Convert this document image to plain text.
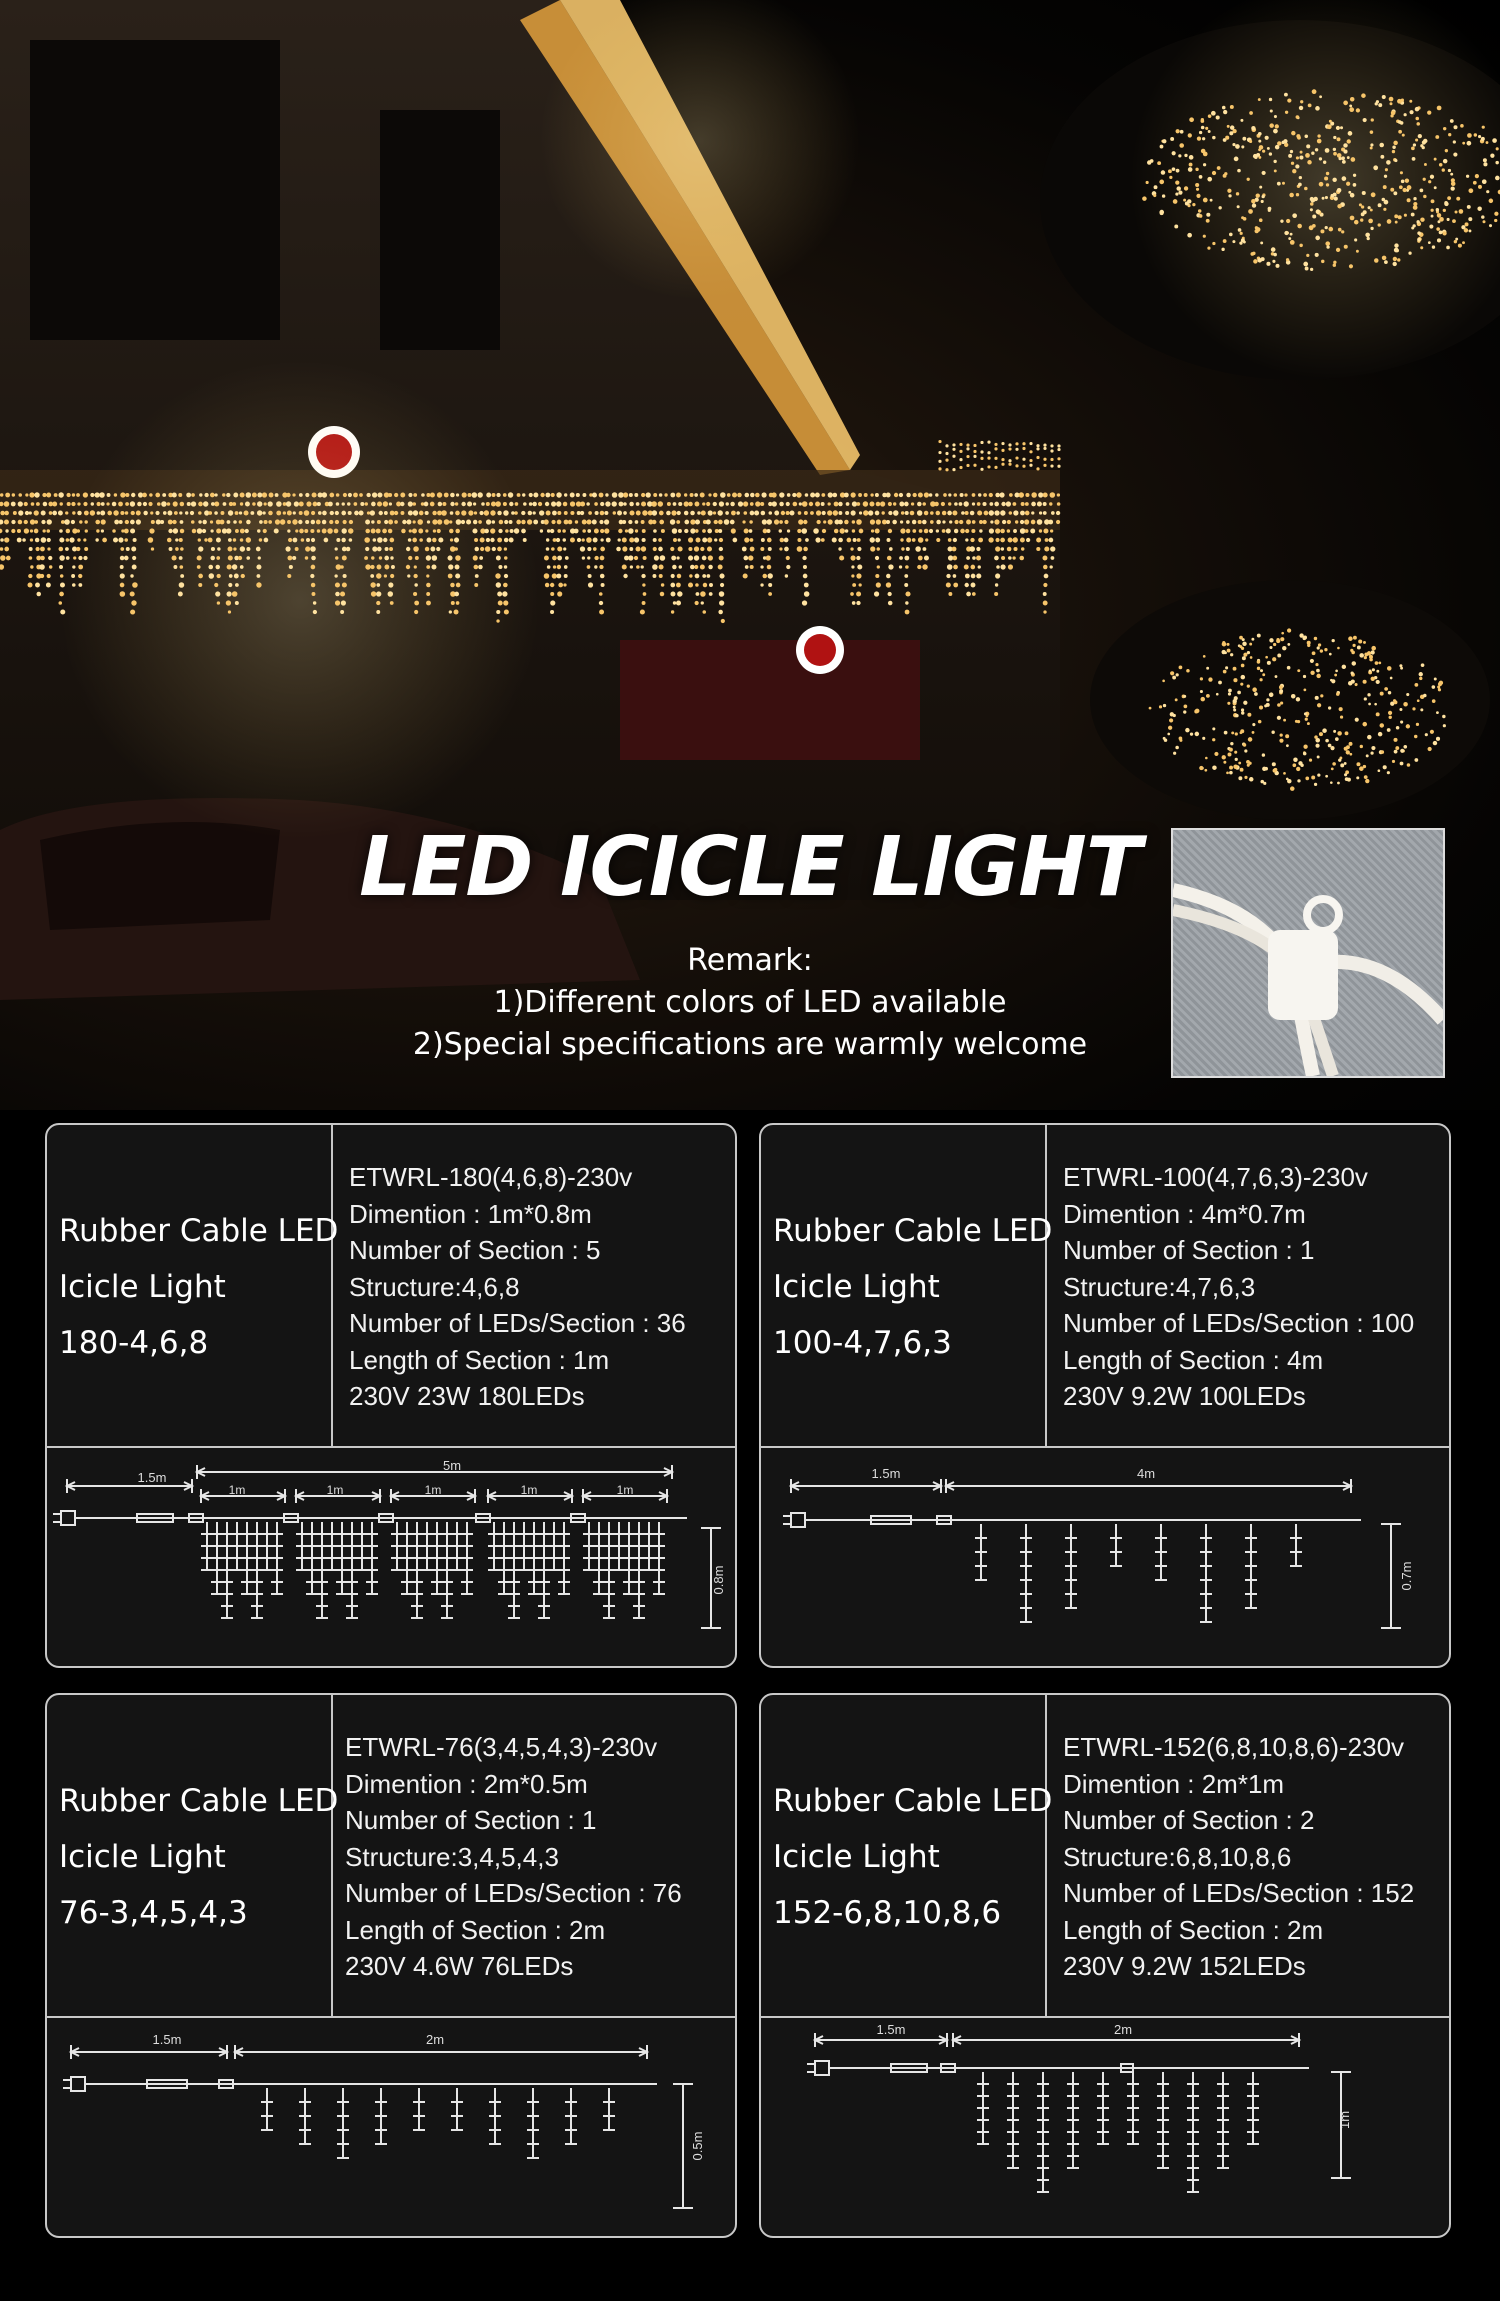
LED ICICLE LIGHT
Remark:
1)Different colors of LED available
2)Special specifications are warmly welcome
Rubber Cable LED
Icicle Light
180-4,6,8
ETWRL-180(4,6,8)-230v
Dimention : 1m*0.8m
Number of Section : 5
Structure:4,6,8
Number of LEDs/Section : 36
Length of Section : 1m
230V 23W 180LEDs
1.5m
5m
1m	1m	1m	1m	1m
0.8m
Rubber Cable LED
Icicle Light
100-4,7,6,3
ETWRL-100(4,7,6,3)-230v
Dimention : 4m*0.7m
Number of Section : 1
Structure:4,7,6,3
Number of LEDs/Section : 100
Length of Section : 4m
230V 9.2W 100LEDs
1.5m	4m
0.7m
Rubber Cable LED
Icicle Light
76-3,4,5,4,3
ETWRL-76(3,4,5,4,3)-230v
Dimention : 2m*0.5m
Number of Section : 1
Structure:3,4,5,4,3
Number of LEDs/Section : 76
Length of Section : 2m
230V 4.6W 76LEDs
1.5m	2m
0.5m
Rubber Cable LED
Icicle Light
152-6,8,10,8,6
ETWRL-152(6,8,10,8,6)-230v
Dimention : 2m*1m
Number of Section : 2
Structure:6,8,10,8,6
Number of LEDs/Section : 152
Length of Section : 2m
230V 9.2W 152LEDs
1.5m	2m
1m
